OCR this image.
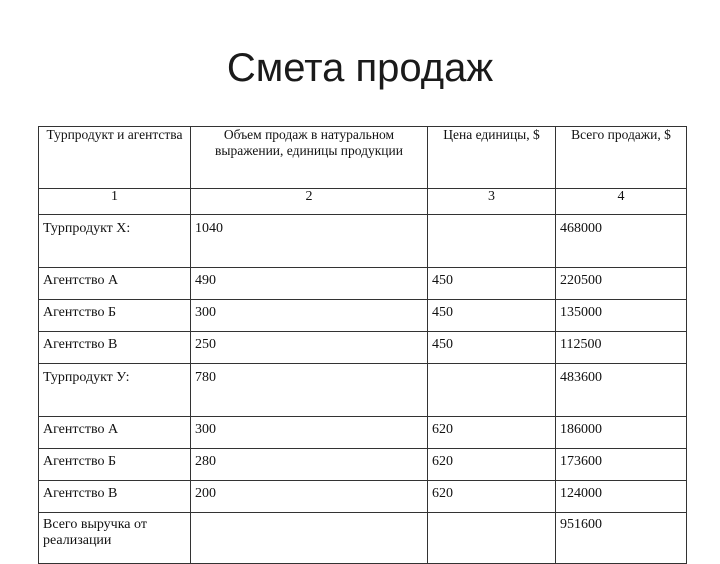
Смета продаж
Турпродукт и агентства	Объем продаж в натуральном выражении, единицы продукции	Цена единицы, $	Всего продажи, $
1	2	3	4
Турпродукт Х:	1040		468000
Агентство А	490	450	220500
Агентство Б	300	450	135000
Агентство В	250	450	112500
Турпродукт У:	780		483600
Агентство А	300	620	186000
Агентство Б	280	620	173600
Агентство В	200	620	124000
Всего выручка от реализации			951600
